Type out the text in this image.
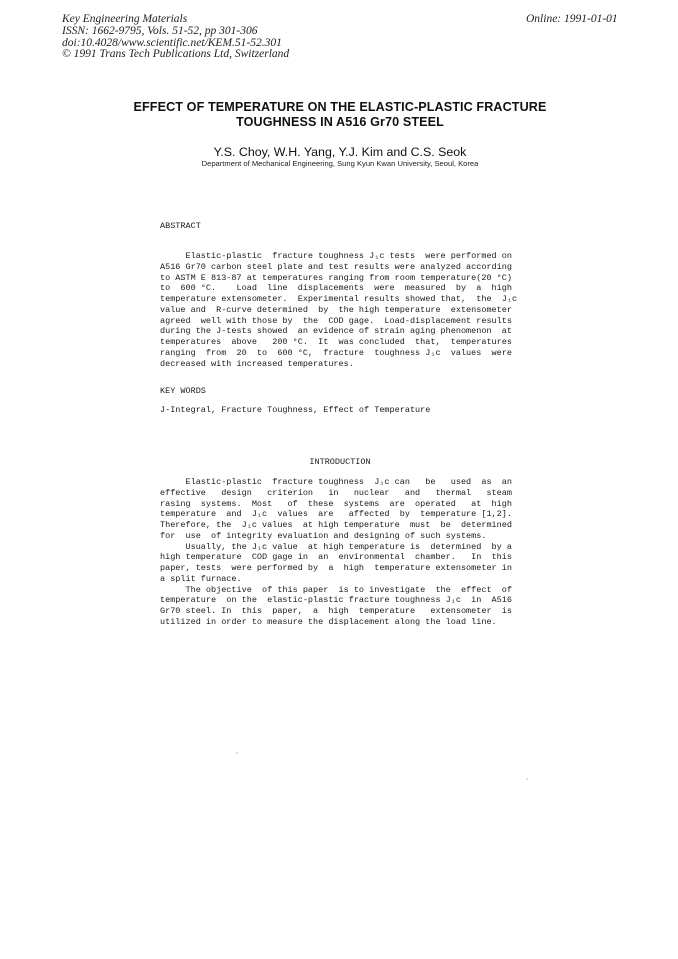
Key Engineering Materials
ISSN: 1662-9795, Vols. 51-52, pp 301-306
doi:10.4028/www.scientific.net/KEM.51-52.301
© 1991 Trans Tech Publications Ltd, Switzerland
Online: 1991-01-01
EFFECT OF TEMPERATURE ON THE ELASTIC-PLASTIC FRACTURE
TOUGHNESS IN A516 Gr70 STEEL
Y.S. Choy, W.H. Yang, Y.J. Kim and C.S. Seok
Department of Mechanical Engineering, Sung Kyun Kwan University, Seoul, Korea
ABSTRACT
Elastic-plastic  fracture toughness J₁c tests  were performed on
A516 Gr70 carbon steel plate and test results were analyzed according
to ASTM E 813-87 at temperatures ranging from room temperature(20 °C)
to  600 °C.    Load  line  displacements  were  measured  by  a  high
temperature extensometer.  Experimental results showed that,  the  J₁c
value and  R-curve determined  by  the high temperature  extensometer
agreed  well with those by  the  COD gage.  Load-displacement results
during the J-tests showed  an evidence of strain aging phenomenon  at
temperatures  above   200 °C.  It  was concluded  that,  temperatures
ranging  from  20  to  600 °C,  fracture  toughness J₁c  values  were
decreased with increased temperatures.
KEY WORDS
J-Integral, Fracture Toughness, Effect of Temperature
INTRODUCTION
Elastic-plastic  fracture toughness  J₁c can   be   used  as  an
effective   design   criterion   in   nuclear   and   thermal   steam
rasing  systems.  Most   of  these  systems  are  operated   at  high
temperature  and  J₁c  values  are   affected  by  temperature [1,2].
Therefore, the  J₁c values  at high temperature  must  be  determined
for  use  of integrity evaluation and designing of such systems.
Usually, the J₁c value  at high temperature is  determined  by a
high temperature  COD gage in  an  environmental  chamber.   In  this
paper, tests  were performed by  a  high  temperature extensometer in
a split furnace.
The objective  of this paper  is to investigate  the  effect  of
temperature  on the  elastic-plastic fracture toughness J₁c  in  A516
Gr70 steel. In  this  paper,  a  high  temperature   extensometer  is
utilized in order to measure the displacement along the load line.
